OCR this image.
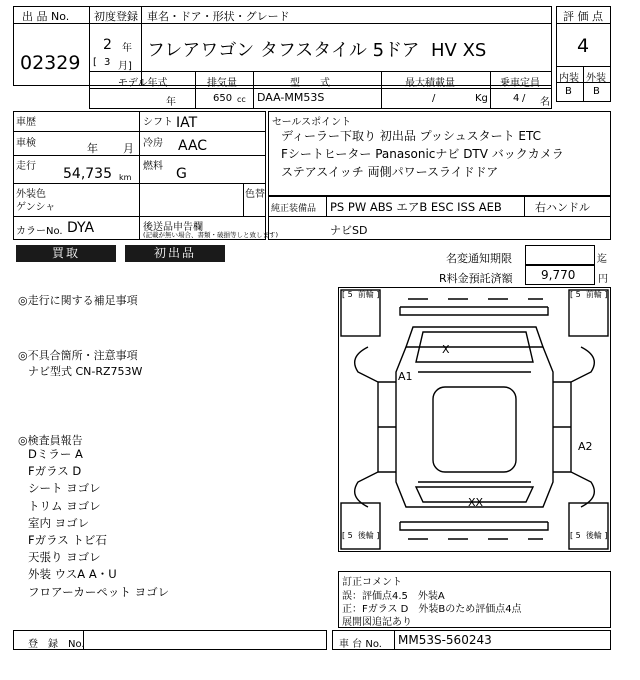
出 品 No. 初度登録 車名・ドア・形状・グレード
02329
2 年
[ 3 月]
フレアワゴン タフスタイル 5ドア  HV XS
評 価 点
4
内装 外装
B B
モデル年式	排気量	型　　式	最大積載量	乗車定員
年	650 cc DAA-MM53S	/	Kg	4 / 名
車歴	シフト IAT
車検	年 月 冷房 AAC
走行 54,735 km
燃料 G
外装色
ゲンシャ
色替
カラーNo. DYA	後送品申告欄
(記載が無い場合、書類・破損等しと致します)
セールスポイント
ディーラー下取り 初出品 プッシュスタート ETC
Fシートヒーター Panasonicナビ DTV バックカメラ
ステアスイッチ 両側パワースライドドア
純正装備品 PS PW ABS エアB ESC ISS AEB	右ハンドル
ナビSD
買取	初出品	名変通知期限	迄
R料金預託済額 9,770 円
◎走行に関する補足事項
◎不具合箇所・注意事項
ナビ型式 CN-RZ753W
◎検査員報告
Dミラー A
Fガラス D
シート ヨゴレ
トリム ヨゴレ
室内 ヨゴレ
Fガラス トビ石
天張り ヨゴレ
外装 ウスA A・U
フロアーカーペット ヨゴレ
[ 5  前輪 ]	[ 5  前輪 ]
[ 5  後輪 ]	[ 5  後輪 ]
X
A1
A2
XX
訂正コメント
誤：評価点4.5　外装A
正：Fガラス D　外装Bのため評価点4点
展開図追記あり
登　録　No.	車 台 No. MM53S-560243
